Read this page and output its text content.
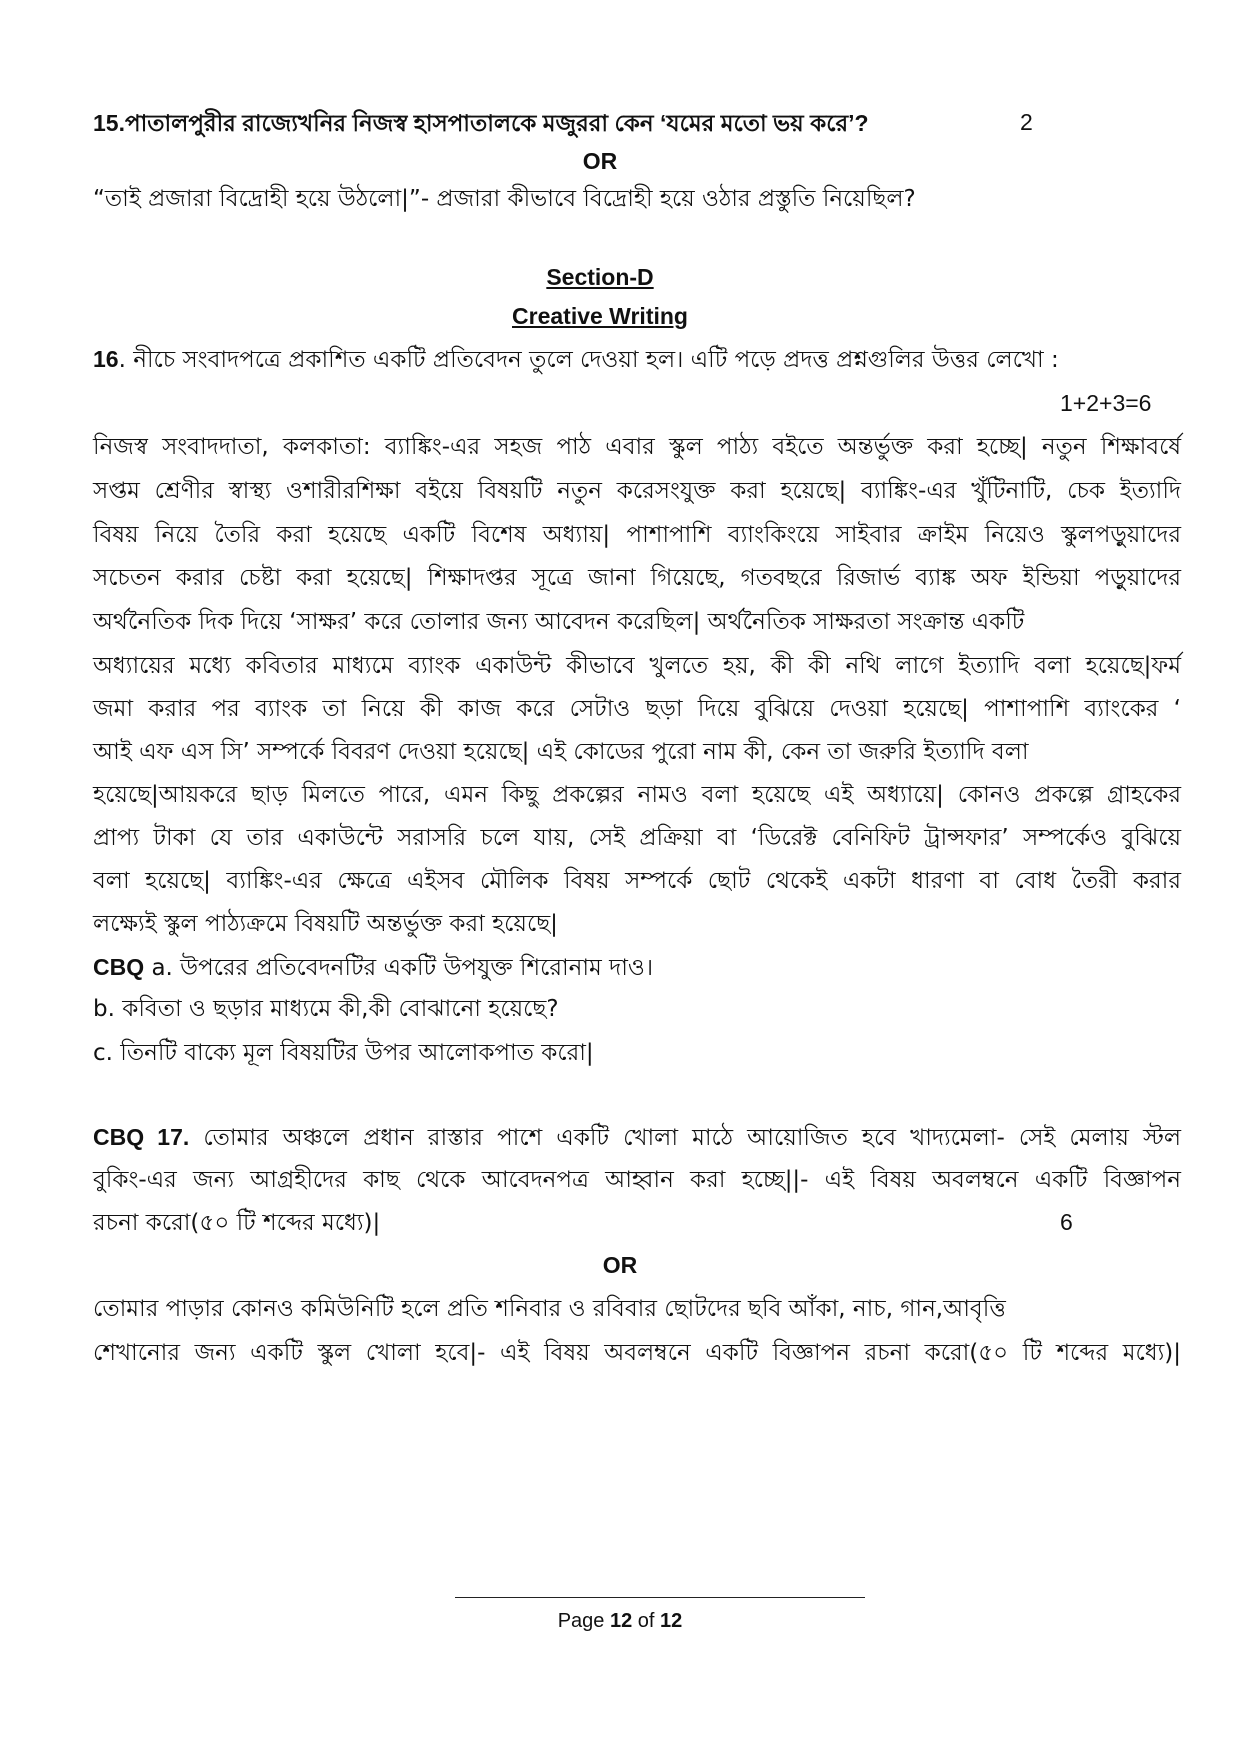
15.পাতালপুরীর রাজ্যেখনির নিজস্ব হাসপাতালকে মজুররা কেন ‘যমের মতো ভয় করে’?	2
OR
“তাই প্রজারা বিদ্রোহী হয়ে উঠলো|”- প্রজারা কীভাবে বিদ্রোহী হয়ে ওঠার প্রস্তুতি নিয়েছিল?
Section-D
Creative Writing
16. নীচে সংবাদপত্রে প্রকাশিত একটি প্রতিবেদন তুলে দেওয়া হল। এটি পড়ে প্রদত্ত প্রশ্নগুলির উত্তর লেখো :
1+2+3=6
নিজস্ব সংবাদদাতা, কলকাতা: ব্যাঙ্কিং-এর সহজ পাঠ এবার স্কুল পাঠ্য বইতে অন্তর্ভুক্ত করা হচ্ছে| নতুন শিক্ষাবর্ষে
সপ্তম শ্রেণীর স্বাস্থ্য ওশারীরশিক্ষা বইয়ে বিষয়টি নতুন করেসংযুক্ত করা হয়েছে| ব্যাঙ্কিং-এর খুঁটিনাটি, চেক ইত্যাদি
বিষয় নিয়ে তৈরি করা হয়েছে একটি বিশেষ অধ্যায়| পাশাপাশি ব্যাংকিংয়ে সাইবার ক্রাইম নিয়েও স্কুলপড়ুয়াদের
সচেতন করার চেষ্টা করা হয়েছে| শিক্ষাদপ্তর সূত্রে জানা গিয়েছে, গতবছরে রিজার্ভ ব্যাঙ্ক অফ ইন্ডিয়া পড়ুয়াদের
অর্থনৈতিক দিক দিয়ে ‘সাক্ষর’ করে তোলার জন্য আবেদন করেছিল| অর্থনৈতিক সাক্ষরতা সংক্রান্ত একটি
অধ্যায়ের মধ্যে কবিতার মাধ্যমে ব্যাংক একাউন্ট কীভাবে খুলতে হয়, কী কী নথি লাগে ইত্যাদি বলা হয়েছে|ফর্ম
জমা করার পর ব্যাংক তা নিয়ে কী কাজ করে সেটাও ছড়া দিয়ে বুঝিয়ে দেওয়া হয়েছে| পাশাপাশি ব্যাংকের ‘
আই এফ এস সি’ সম্পর্কে বিবরণ দেওয়া হয়েছে| এই কোডের পুরো নাম কী, কেন তা জরুরি ইত্যাদি বলা
হয়েছে|আয়করে ছাড় মিলতে পারে, এমন কিছু প্রকল্পের নামও বলা হয়েছে এই অধ্যায়ে| কোনও প্রকল্পে গ্রাহকের
প্রাপ্য টাকা যে তার একাউন্টে সরাসরি চলে যায়, সেই প্রক্রিয়া বা ‘ডিরেক্ট বেনিফিট ট্রান্সফার’ সম্পর্কেও বুঝিয়ে
বলা হয়েছে| ব্যাঙ্কিং-এর ক্ষেত্রে এইসব মৌলিক বিষয় সম্পর্কে ছোট থেকেই একটা ধারণা বা বোধ তৈরী করার
লক্ষ্যেই স্কুল পাঠ্যক্রমে বিষয়টি অন্তর্ভুক্ত করা হয়েছে|
CBQ a. উপরের প্রতিবেদনটির একটি উপযুক্ত শিরোনাম দাও।
b. কবিতা ও ছড়ার মাধ্যমে কী,কী বোঝানো হয়েছে?
c. তিনটি বাক্যে মূল বিষয়টির উপর আলোকপাত করো|
CBQ 17. তোমার অঞ্চলে প্রধান রাস্তার পাশে একটি খোলা মাঠে আয়োজিত হবে খাদ্যমেলা- সেই মেলায় স্টল
বুকিং-এর জন্য আগ্রহীদের কাছ থেকে আবেদনপত্র আহ্বান করা হচ্ছে||- এই বিষয় অবলম্বনে একটি বিজ্ঞাপন
রচনা করো(৫০ টি শব্দের মধ্যে)|	6
OR
তোমার পাড়ার কোনও কমিউনিটি হলে প্রতি শনিবার ও রবিবার ছোটদের ছবি আঁকা, নাচ, গান,আবৃত্তি
শেখানোর জন্য একটি স্কুল খোলা হবে|- এই বিষয় অবলম্বনে একটি বিজ্ঞাপন রচনা করো(৫০ টি শব্দের মধ্যে)|
Page 12 of 12
